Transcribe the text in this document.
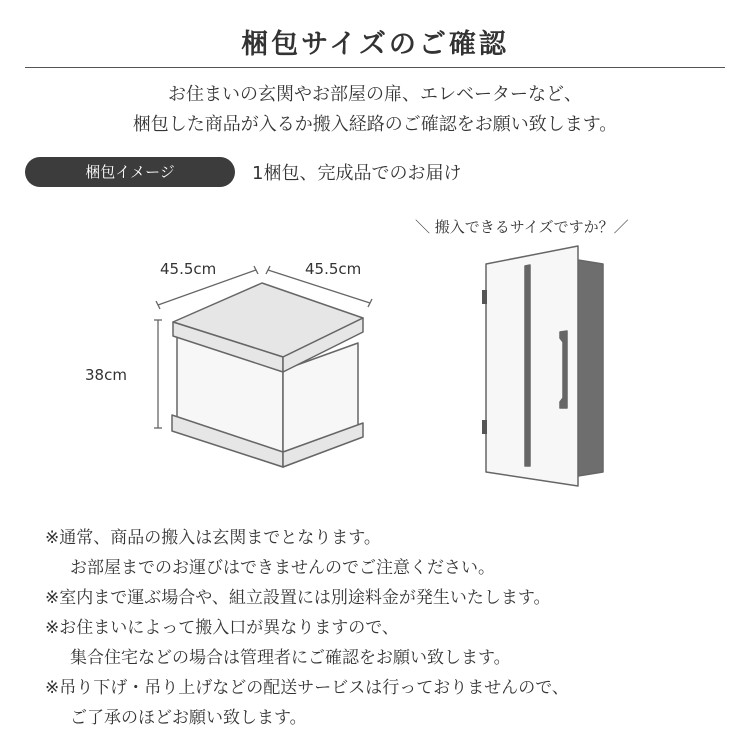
梱包サイズのご確認
お住まいの玄関やお部屋の扉、エレベーターなど、
梱包した商品が入るか搬入経路のご確認をお願い致します。
梱包イメージ	1梱包、完成品でのお届け
45.5cm	45.5cm
38cm
＼ 搬入できるサイズですか？／
※通常、商品の搬入は玄関までとなります。
お部屋までのお運びはできませんのでご注意ください。
※室内まで運ぶ場合や、組立設置には別途料金が発生いたします。
※お住まいによって搬入口が異なりますので、
集合住宅などの場合は管理者にご確認をお願い致します。
※吊り下げ・吊り上げなどの配送サービスは行っておりませんので、
ご了承のほどお願い致します。
